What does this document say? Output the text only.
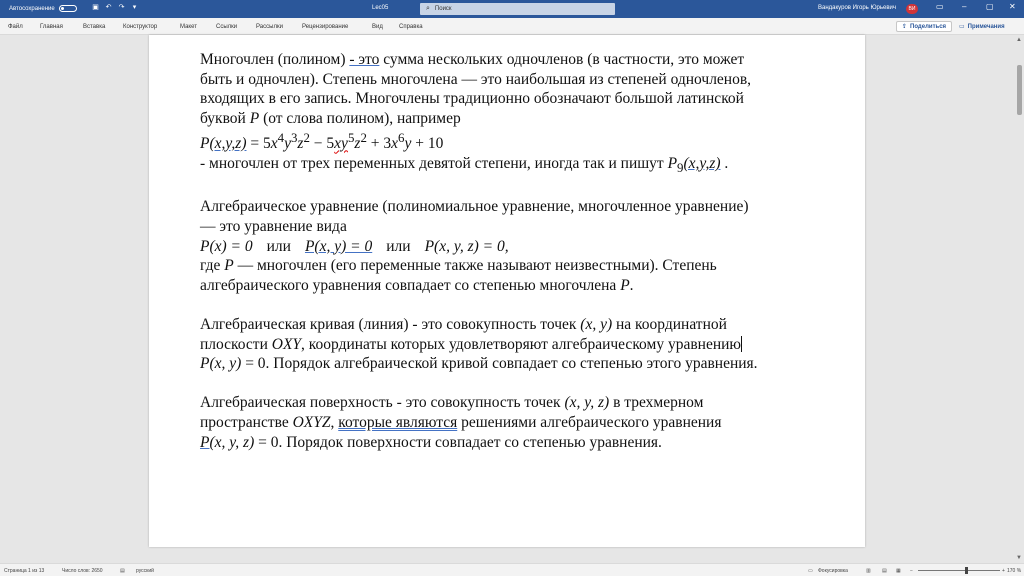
Автосохранение	▣ ↶ ↷ ▾	Lec05	⌕ Поиск	Вандакуров Игорь Юрьевич	ВИ	▭ – ▢ ✕
Файл	Главная	Вставка	Конструктор	Макет	Ссылки	Рассылки	Рецензирование	Вид	Справка	⇪ Поделиться ▭ Примечания

Многочлен (полином) - это сумма нескольких одночленов (в частности, это может

быть и одночлен). Степень многочлена — это наибольшая из степеней одночленов,

входящих в его запись. Многочлены традиционно обозначают большой латинской

буквой P (от слова полином), например

$P(x,y,z) = 5x^4y^3z^2 - 5xy^5z^2 + 3x^6y + 10$

- многочлен от трех переменных девятой степени, иногда так и пишут $P_9(x,y,z)$ .

Алгебраическое уравнение (полиномиальное уравнение, многочленное уравнение)

— это уравнение вида

P(x) = 0 или P(x, y) = 0 или P(x, y, z) = 0,

где P — многочлен (его переменные также называют неизвестными). Степень

алгебраического уравнения совпадает со степенью многочлена P.

Алгебраическая кривая (линия) - это совокупность точек (x, y) на координатной

плоскости OXY, координаты которых удовлетворяют алгебраическому уравнению

P(x, y) = 0. Порядок алгебраической кривой совпадает со степенью этого уравнения.

Алгебраическая поверхность - это совокупность точек (x, y, z) в трехмерном

пространстве OXYZ, которые являются решениями алгебраического уравнения

P(x, y, z) = 0. Порядок поверхности совпадает со степенью уравнения.

▲
▼
Страница 1 из 13	Число слов: 2650	▤ русский	▭ Фокусировка	▥ ▤ ▦ −	+ 170 %
